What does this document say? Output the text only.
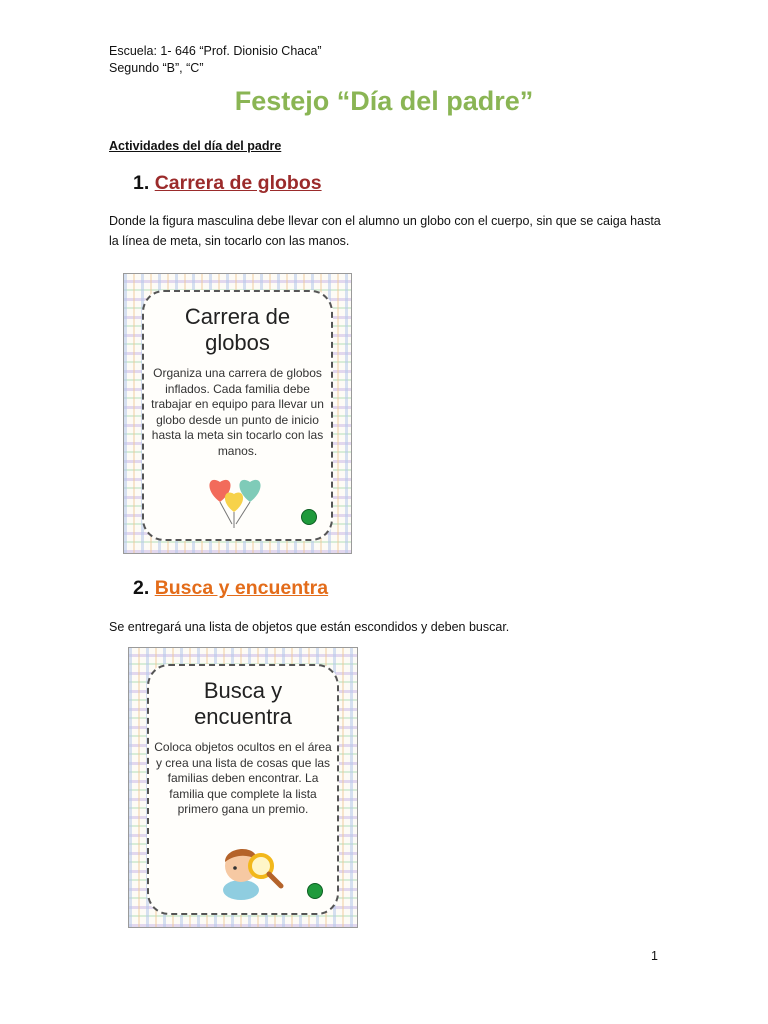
Escuela: 1- 646 “Prof. Dionisio Chaca”
Segundo “B”, “C”
Festejo “Día del padre”
Actividades del día del padre
1. Carrera de globos
Donde la figura masculina debe llevar con el alumno un globo con el cuerpo, sin que se caiga hasta la línea de meta, sin tocarlo con las manos.
Carrera de globos
Organiza una carrera de globos inflados. Cada familia debe trabajar en equipo para llevar un globo desde un punto de inicio hasta la meta sin tocarlo con las manos.
2. Busca y encuentra
Se entregará una lista de objetos que están escondidos y deben buscar.
Busca y encuentra
Coloca objetos ocultos en el área y crea una lista de cosas que las familias deben encontrar. La familia que complete la lista primero gana un premio.
1
